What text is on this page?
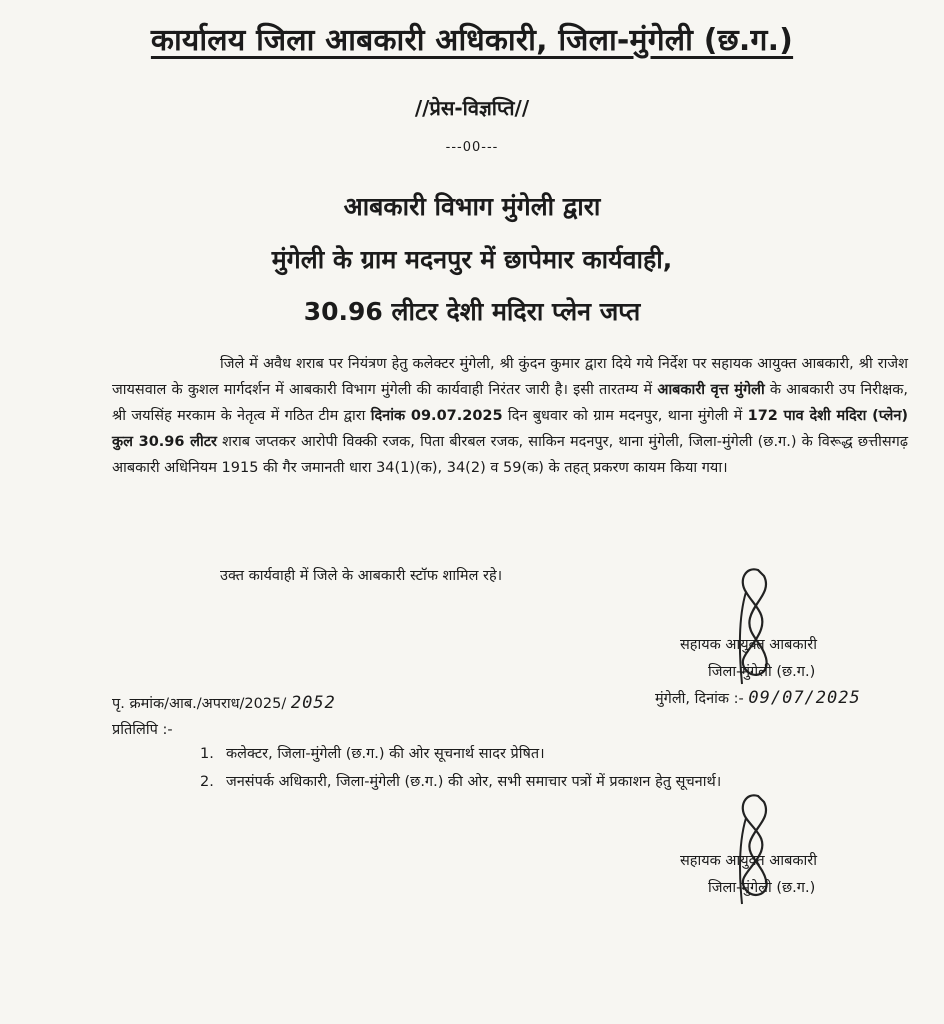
कार्यालय जिला आबकारी अधिकारी, जिला-मुंगेली (छ.ग.)
//प्रेस-विज्ञप्ति//
---00---
आबकारी विभाग मुंगेली द्वारा
मुंगेली के ग्राम मदनपुर में छापेमार कार्यवाही,
30.96 लीटर देशी मदिरा प्लेन जप्त

जिले में अवैध शराब पर नियंत्रण हेतु कलेक्टर मुंगेली, श्री कुंदन कुमार द्वारा दिये गये निर्देश पर सहायक आयुक्त आबकारी, श्री राजेश जायसवाल के कुशल मार्गदर्शन में आबकारी विभाग मुंगेली की कार्यवाही निरंतर जारी है। इसी तारतम्य में आबकारी वृत्त मुंगेली के आबकारी उप निरीक्षक, श्री जयसिंह मरकाम के नेतृत्व में गठित टीम द्वारा दिनांक 09.07.2025 दिन बुधवार को ग्राम मदनपुर, थाना मुंगेली में 172 पाव देशी मदिरा (प्लेन) कुल 30.96 लीटर शराब जप्तकर आरोपी विक्की रजक, पिता बीरबल रजक, साकिन मदनपुर, थाना मुंगेली, जिला-मुंगेली (छ.ग.) के विरूद्ध छत्तीसगढ़ आबकारी अधिनियम 1915 की गैर जमानती धारा 34(1)(क), 34(2) व 59(क) के तहत् प्रकरण कायम किया गया।

उक्त कार्यवाही में जिले के आबकारी स्टॉफ शामिल रहे।
सहायक आयुक्त आबकारी
जिला-मुंगेली (छ.ग.)
मुंगेली, दिनांक :- 09/07/2025
पृ. क्रमांक/आब./अपराध/2025/ 2052
प्रतिलिपि :-
1. कलेक्टर, जिला-मुंगेली (छ.ग.) की ओर सूचनार्थ सादर प्रेषित।
2. जनसंपर्क अधिकारी, जिला-मुंगेली (छ.ग.) की ओर, सभी समाचार पत्रों में प्रकाशन हेतु सूचनार्थ।
सहायक आयुक्त आबकारी
जिला-मुंगेली (छ.ग.)
